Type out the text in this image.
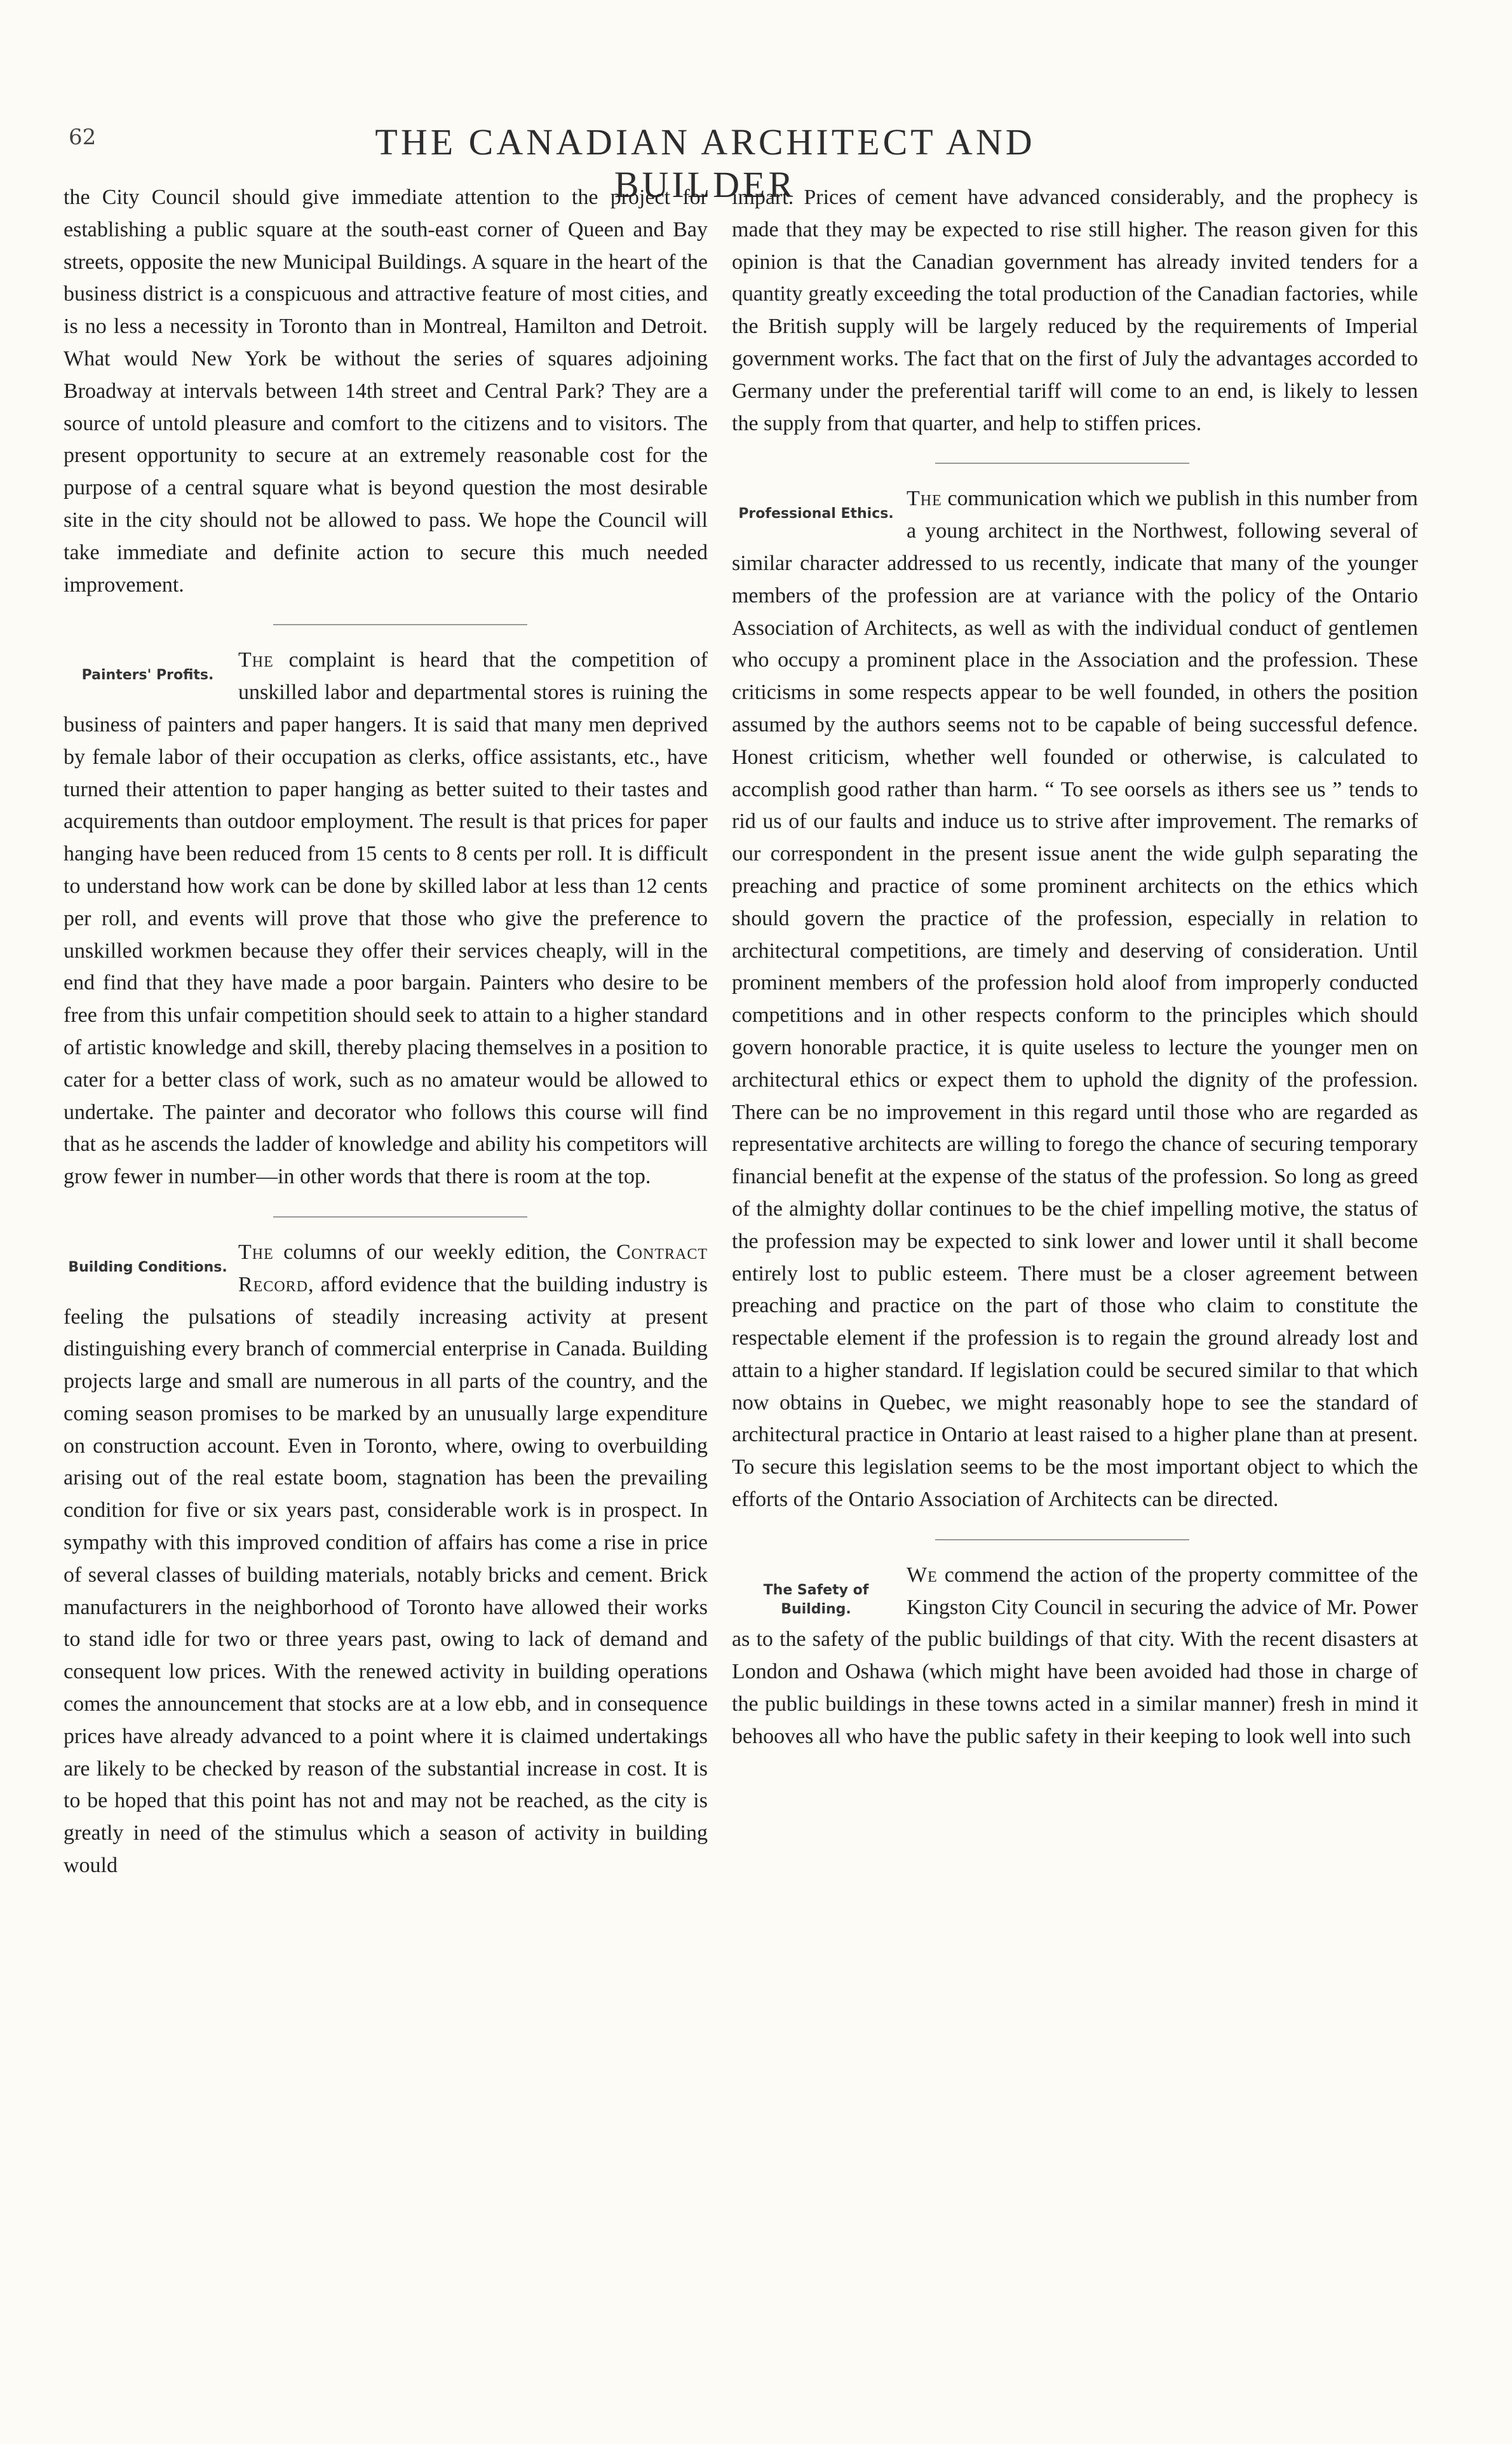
62	THE CANADIAN ARCHITECT AND BUILDER

the City Council should give immediate attention to the project for establishing a public square at the south-east corner of Queen and Bay streets, opposite the new Municipal Buildings. A square in the heart of the business district is a conspicuous and attractive feature of most cities, and is no less a necessity in Toronto than in Montreal, Hamilton and Detroit. What would New York be without the series of squares adjoining Broadway at intervals between 14th street and Central Park? They are a source of untold pleasure and comfort to the citizens and to visitors. The present opportunity to secure at an extremely reasonable cost for the purpose of a central square what is beyond question the most desirable site in the city should not be allowed to pass. We hope the Council will take immediate and definite action to secure this much needed improvement.

Painters' Profits.

The complaint is heard that the competition of unskilled labor and departmental stores is ruining the business of painters and paper hangers. It is said that many men deprived by female labor of their occupation as clerks, office assistants, etc., have turned their attention to paper hanging as better suited to their tastes and acquirements than outdoor employment. The result is that prices for paper hanging have been reduced from 15 cents to 8 cents per roll. It is difficult to understand how work can be done by skilled labor at less than 12 cents per roll, and events will prove that those who give the preference to unskilled workmen because they offer their services cheaply, will in the end find that they have made a poor bargain. Painters who desire to be free from this unfair competition should seek to attain to a higher standard of artistic knowledge and skill, thereby placing themselves in a position to cater for a better class of work, such as no amateur would be allowed to undertake. The painter and decorator who follows this course will find that as he ascends the ladder of knowledge and ability his competitors will grow fewer in number—in other words that there is room at the top.

Building Conditions.

The columns of our weekly edition, the Contract Record, afford evidence that the building industry is feeling the pulsations of steadily increasing activity at present distinguishing every branch of commercial enterprise in Canada. Building projects large and small are numerous in all parts of the country, and the coming season promises to be marked by an unusually large expenditure on construction account. Even in Toronto, where, owing to overbuilding arising out of the real estate boom, stagnation has been the prevailing condition for five or six years past, considerable work is in prospect. In sympathy with this improved condition of affairs has come a rise in price of several classes of building materials, notably bricks and cement. Brick manufacturers in the neighborhood of Toronto have allowed their works to stand idle for two or three years past, owing to lack of demand and consequent low prices. With the renewed activity in building operations comes the announcement that stocks are at a low ebb, and in consequence prices have already advanced to a point where it is claimed undertakings are likely to be checked by reason of the substantial increase in cost. It is to be hoped that this point has not and may not be reached, as the city is greatly in need of the stimulus which a season of activity in building would

impart. Prices of cement have advanced considerably, and the prophecy is made that they may be expected to rise still higher. The reason given for this opinion is that the Canadian government has already invited tenders for a quantity greatly exceeding the total production of the Canadian factories, while the British supply will be largely reduced by the requirements of Imperial government works. The fact that on the first of July the advantages accorded to Germany under the preferential tariff will come to an end, is likely to lessen the supply from that quarter, and help to stiffen prices.

Professional Ethics.

The communication which we publish in this number from a young architect in the Northwest, following several of similar character addressed to us recently, indicate that many of the younger members of the profession are at variance with the policy of the Ontario Association of Architects, as well as with the individual conduct of gentlemen who occupy a prominent place in the Association and the profession. These criticisms in some respects appear to be well founded, in others the position assumed by the authors seems not to be capable of being successful defence. Honest criticism, whether well founded or otherwise, is calculated to accomplish good rather than harm. “ To see oorsels as ithers see us ” tends to rid us of our faults and induce us to strive after improvement. The remarks of our correspondent in the present issue anent the wide gulph separating the preaching and practice of some prominent architects on the ethics which should govern the practice of the profession, especially in relation to architectural competitions, are timely and deserving of consideration. Until prominent members of the profession hold aloof from improperly conducted competitions and in other respects conform to the principles which should govern honorable practice, it is quite useless to lecture the younger men on architectural ethics or expect them to uphold the dignity of the profession. There can be no improvement in this regard until those who are regarded as representative architects are willing to forego the chance of securing temporary financial benefit at the expense of the status of the profession. So long as greed of the almighty dollar continues to be the chief impelling motive, the status of the profession may be expected to sink lower and lower until it shall become entirely lost to public esteem. There must be a closer agreement between preaching and practice on the part of those who claim to constitute the respectable element if the profession is to regain the ground already lost and attain to a higher standard. If legislation could be secured similar to that which now obtains in Quebec, we might reasonably hope to see the standard of architectural practice in Ontario at least raised to a higher plane than at present. To secure this legislation seems to be the most important object to which the efforts of the Ontario Association of Architects can be directed.

The Safety of Building.

We commend the action of the property committee of the Kingston City Council in securing the advice of Mr. Power as to the safety of the public buildings of that city. With the recent disasters at London and Oshawa (which might have been avoided had those in charge of the public buildings in these towns acted in a similar manner) fresh in mind it behooves all who have the public safety in their keeping to look well into such
